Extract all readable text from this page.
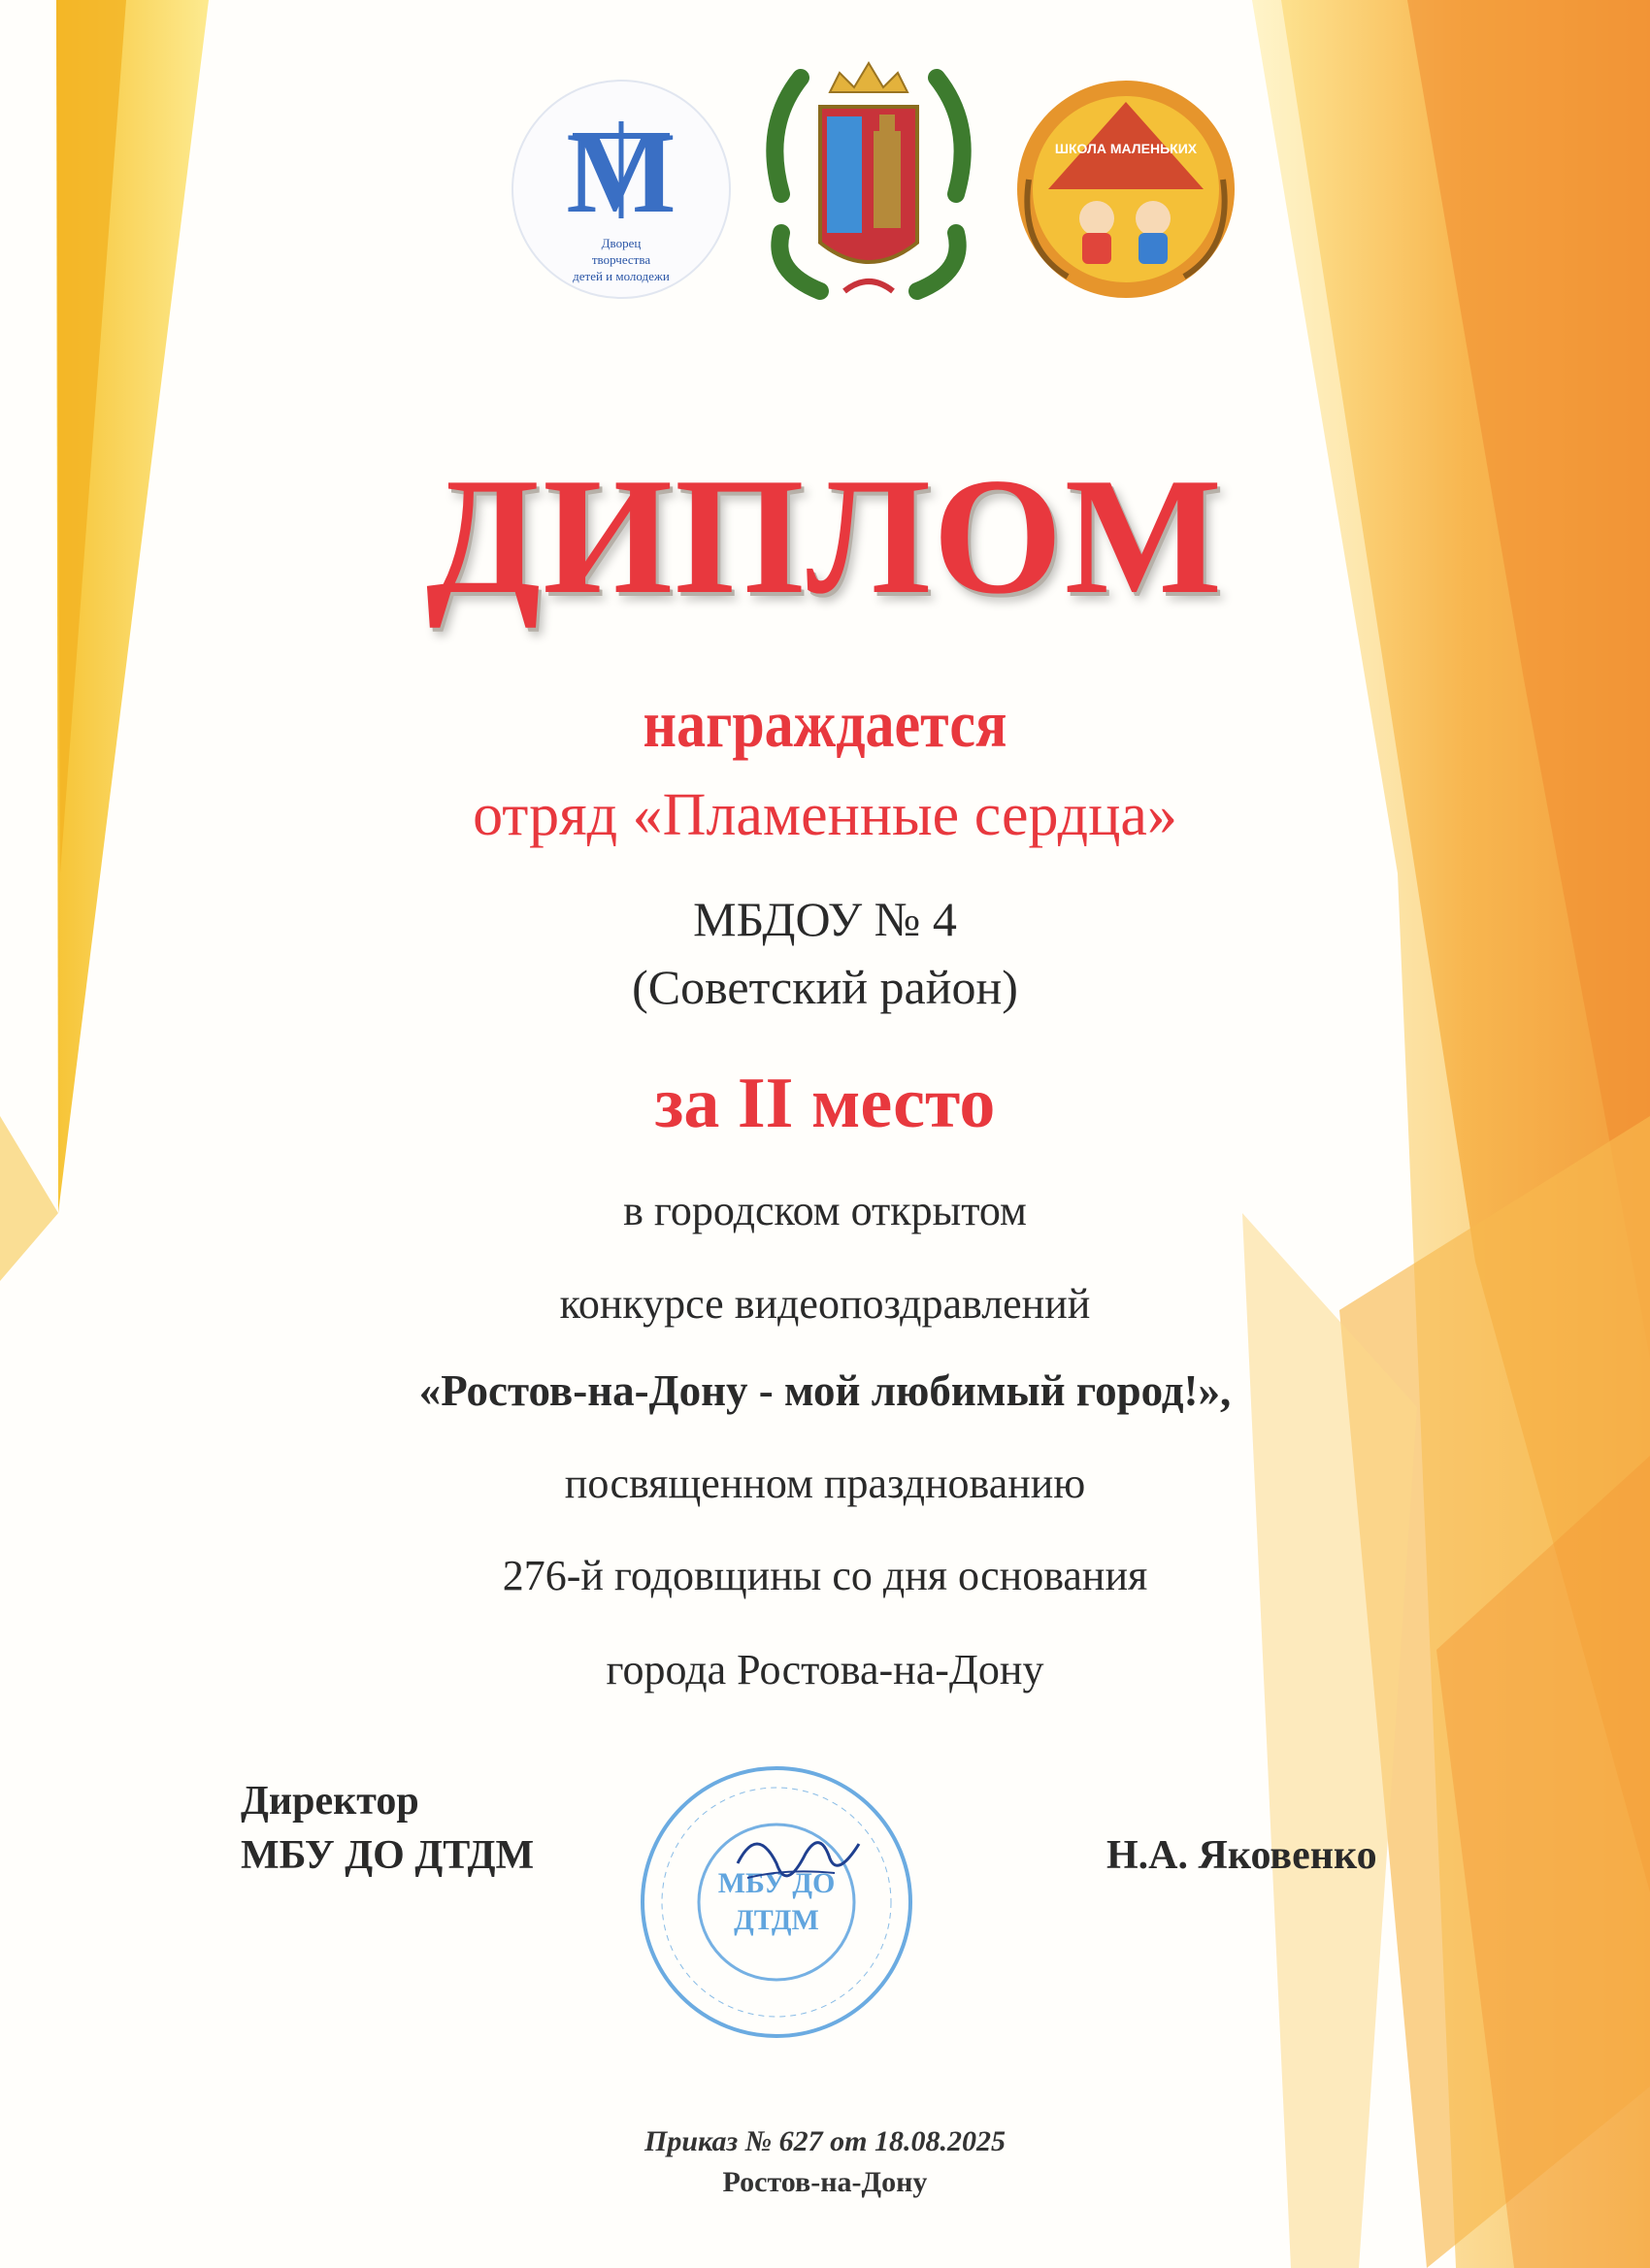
M
Дворец
творчества
детей и молодежи
ШКОЛА МАЛЕНЬКИХ
ДИПЛОМ
награждается
отряд «Пламенные сердца»
МБДОУ № 4
(Советский район)
за II место
в городском открытом
конкурсе видеопоздравлений
«Ростов-на-Дону - мой любимый город!»,
посвященном празднованию
276-й годовщины со дня основания
города Ростова-на-Дону
Директор
МБУ ДО ДТДМ	Н.А. Яковенко
МБУ ДО
ДТДМ
Приказ № 627 от 18.08.2025
Ростов-на-Дону
